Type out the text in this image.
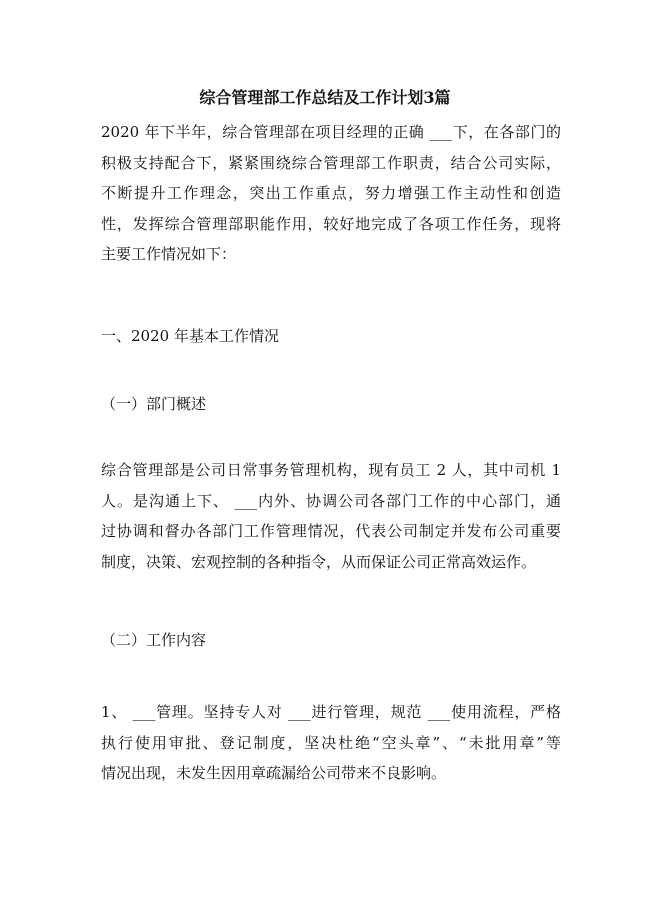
综合管理部工作总结及工作计划3篇
2020 年下半年，综合管理部在项目经理的正确 ___下，在各部门的
积极支持配合下，紧紧围绕综合管理部工作职责，结合公司实际，
不断提升工作理念，突出工作重点，努力增强工作主动性和创造
性，发挥综合管理部职能作用，较好地完成了各项工作任务，现将
主要工作情况如下：
一、2020 年基本工作情况
（一）部门概述
综合管理部是公司日常事务管理机构，现有员工 2 人，其中司机 1
人。是沟通上下、 ___内外、协调公司各部门工作的中心部门，通
过协调和督办各部门工作管理情况，代表公司制定并发布公司重要
制度，决策、宏观控制的各种指令，从而保证公司正常高效运作。
（二）工作内容
1、 ___管理。坚持专人对 ___进行管理，规范 ___使用流程，严格
执行使用审批、登记制度，坚决杜绝“空头章”、“未批用章”等
情况出现，未发生因用章疏漏给公司带来不良影响。
